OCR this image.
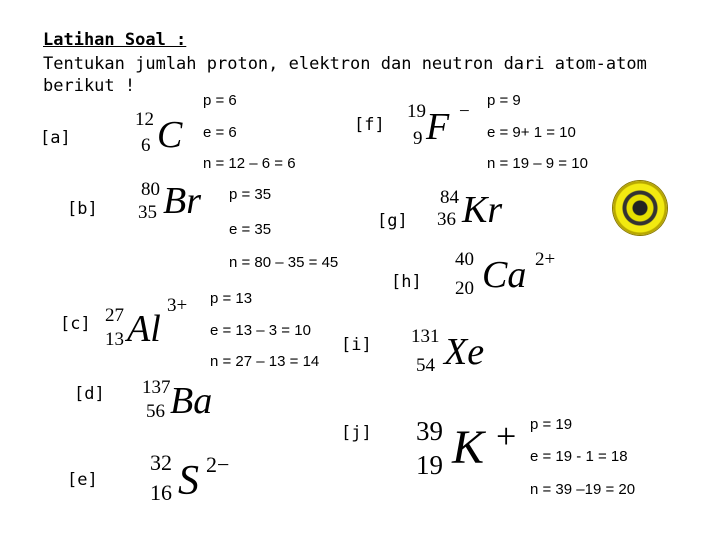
Latihan Soal :
Tentukan jumlah proton, elektron dan neutron dari atom-atom
berikut !
[a]
[b]
[c]
[d]
[e]
[f]
[g]
[h]
[i]
[j]
12
6 C
19
9 F −
80
35 Br	84
36 Kr
40
20 Ca 2+
27
13 Al
3+
131
54 Xe
137
56 Ba
39
19 K +
32
16 S 2−
p = 6
e = 6
n = 12 – 6 = 6
p = 9
e = 9+ 1 = 10
n = 19 – 9 = 10
p = 35
e = 35
n = 80 – 35 = 45
p = 13
e = 13 – 3 = 10
n = 27 – 13 = 14
p = 19
e = 19 - 1 = 18
n = 39 –19 = 20
